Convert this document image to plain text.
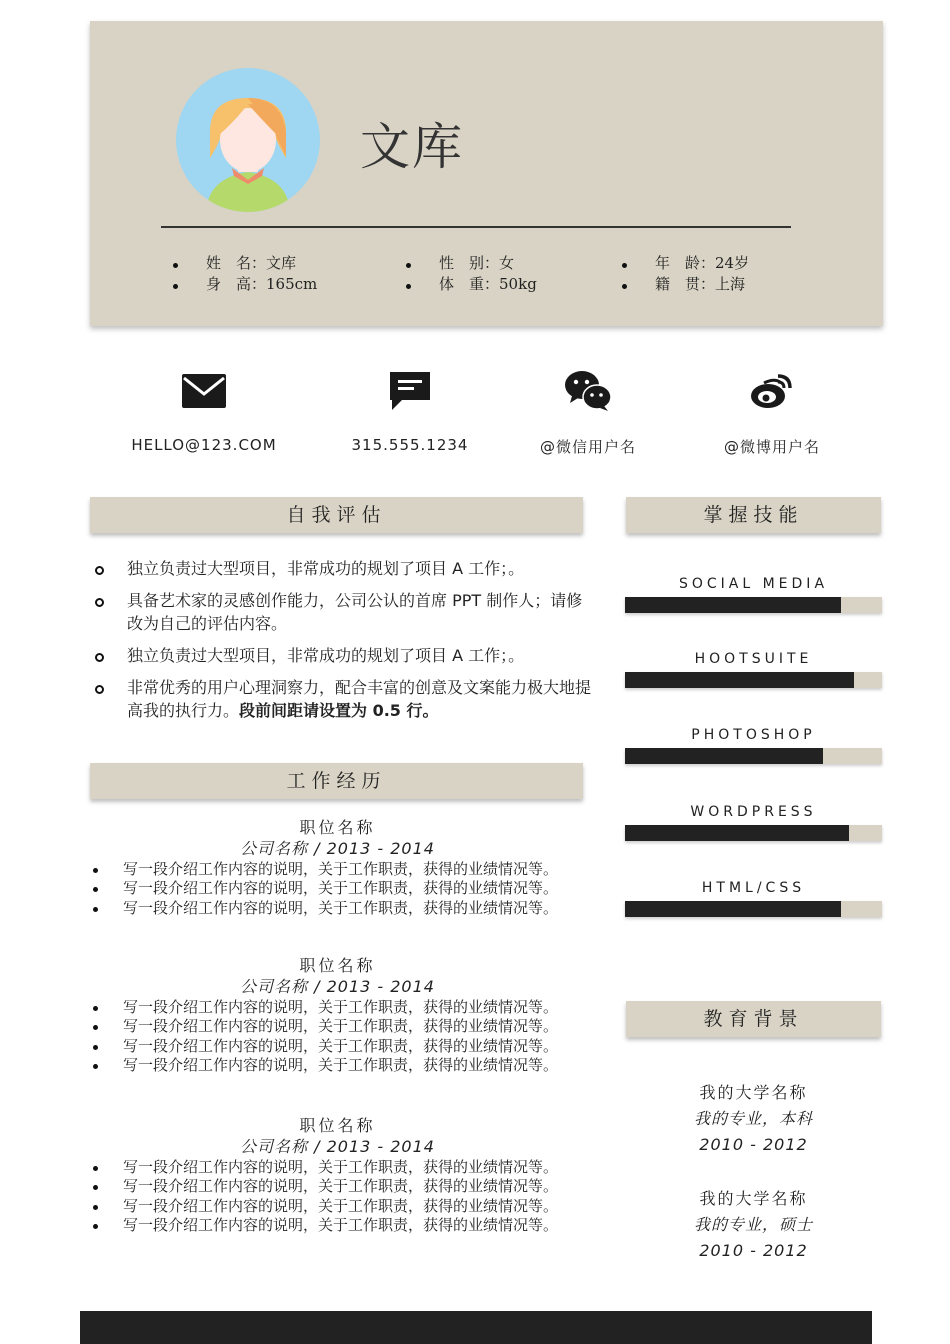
文库
姓　名：文库
身　高：165cm
性　别：女
体　重：50kg
年　龄：24岁
籍　贯：上海
HELLO@123.COM	315.555.1234	@微信用户名	@微博用户名
自我评估
独立负责过大型项目，非常成功的规划了项目 A 工作；。
具备艺术家的灵感创作能力，公司公认的首席 PPT 制作人；请修改为自己的评估内容。
独立负责过大型项目，非常成功的规划了项目 A 工作；。
非常优秀的用户心理洞察力，配合丰富的创意及文案能力极大地提高我的执行力。段前间距请设置为 0.5 行。
工作经历
职位名称
公司名称 / 2013 - 2014
写一段介绍工作内容的说明，关于工作职责，获得的业绩情况等。
写一段介绍工作内容的说明，关于工作职责，获得的业绩情况等。
写一段介绍工作内容的说明，关于工作职责，获得的业绩情况等。
职位名称
公司名称 / 2013 - 2014
写一段介绍工作内容的说明，关于工作职责，获得的业绩情况等。
写一段介绍工作内容的说明，关于工作职责，获得的业绩情况等。
写一段介绍工作内容的说明，关于工作职责，获得的业绩情况等。
写一段介绍工作内容的说明，关于工作职责，获得的业绩情况等。
职位名称
公司名称 / 2013 - 2014
写一段介绍工作内容的说明，关于工作职责，获得的业绩情况等。
写一段介绍工作内容的说明，关于工作职责，获得的业绩情况等。
写一段介绍工作内容的说明，关于工作职责，获得的业绩情况等。
写一段介绍工作内容的说明，关于工作职责，获得的业绩情况等。
掌握技能
SOCIAL MEDIA
HOOTSUITE
PHOTOSHOP
WORDPRESS
HTML/CSS
教育背景
我的大学名称
我的专业，本科
2010 - 2012
我的大学名称
我的专业，硕士
2010 - 2012
